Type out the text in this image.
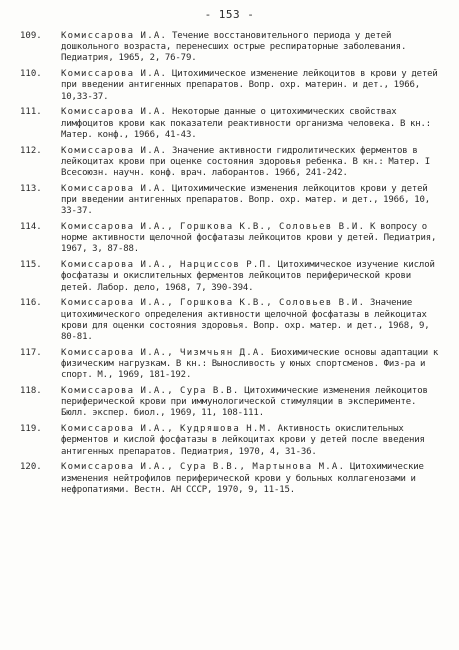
- 153 -
109.	Комиссарова И.А. Течение восстановительного периода у детей дошкольного возраста, перенесших острые респираторные заболевания. Педиатрия, 1965, 2, 76-79.
110.	Комиссарова И.А. Цитохимическое изменение лейкоцитов в крови у детей при введении антигенных препаратов. Вопр. охр. материн. и дет., 1966, 10,33-37.
111.	Комиссарова И.А. Некоторые данные о цитохимических свойствах лимфоцитов крови как показатели реактивности организма человека. В кн.: Матер. конф., 1966, 41-43.
112.	Комиссарова И.А. Значение активности гидролитических ферментов в лейкоцитах крови при оценке состояния здоровья ребенка. В кн.: Матер. I Всесоюзн. научн. конф. врач. лаборантов. 1966, 241-242.
113.	Комиссарова И.А. Цитохимические изменения лейкоцитов крови у детей при введении антигенных препаратов. Вопр. охр. матер. и дет., 1966, 10, 33-37.
114.	Комиссарова И.А., Горшкова К.В., Соловьев В.И. К вопросу о норме активности щелочной фосфатазы лейкоцитов крови у детей. Педиатрия, 1967, 3, 87-88.
115.	Комиссарова И.А., Нарциссов Р.П. Цитохимическое изучение кислой фосфатазы и окислительных ферментов лейкоцитов периферической крови детей. Лабор. дело, 1968, 7, 390-394.
116.	Комиссарова И.А., Горшкова К.В., Соловьев В.И. Значение цитохимического определения активности щелочной фосфатазы в лейкоцитах крови для оценки состояния здоровья. Вопр. охр. матер. и дет., 1968, 9, 80-81.
117.	Комиссарова И.А., Чизмчьян Д.А. Биохимические основы адаптации к физическим нагрузкам. В кн.: Выносливость у юных спортсменов. Физ-ра и спорт. М., 1969, 181-192.
118.	Комиссарова И.А., Сура В.В. Цитохимические изменения лейкоцитов периферической крови при иммунологической стимуляции в эксперименте. Бюлл. экспер. биол., 1969, 11, 108-111.
119.	Комиссарова И.А., Кудряшова Н.М. Активность окислительных ферментов и кислой фосфатазы в лейкоцитах крови у детей после введения антигенных препаратов. Педиатрия, 1970, 4, 31-36.
120.	Комиссарова И.А., Сура В.В., Мартынова М.А. Цитохимические изменения нейтрофилов периферической крови у больных коллагенозами и нефропатиями. Вестн. АН СССР, 1970, 9, 11-15.
